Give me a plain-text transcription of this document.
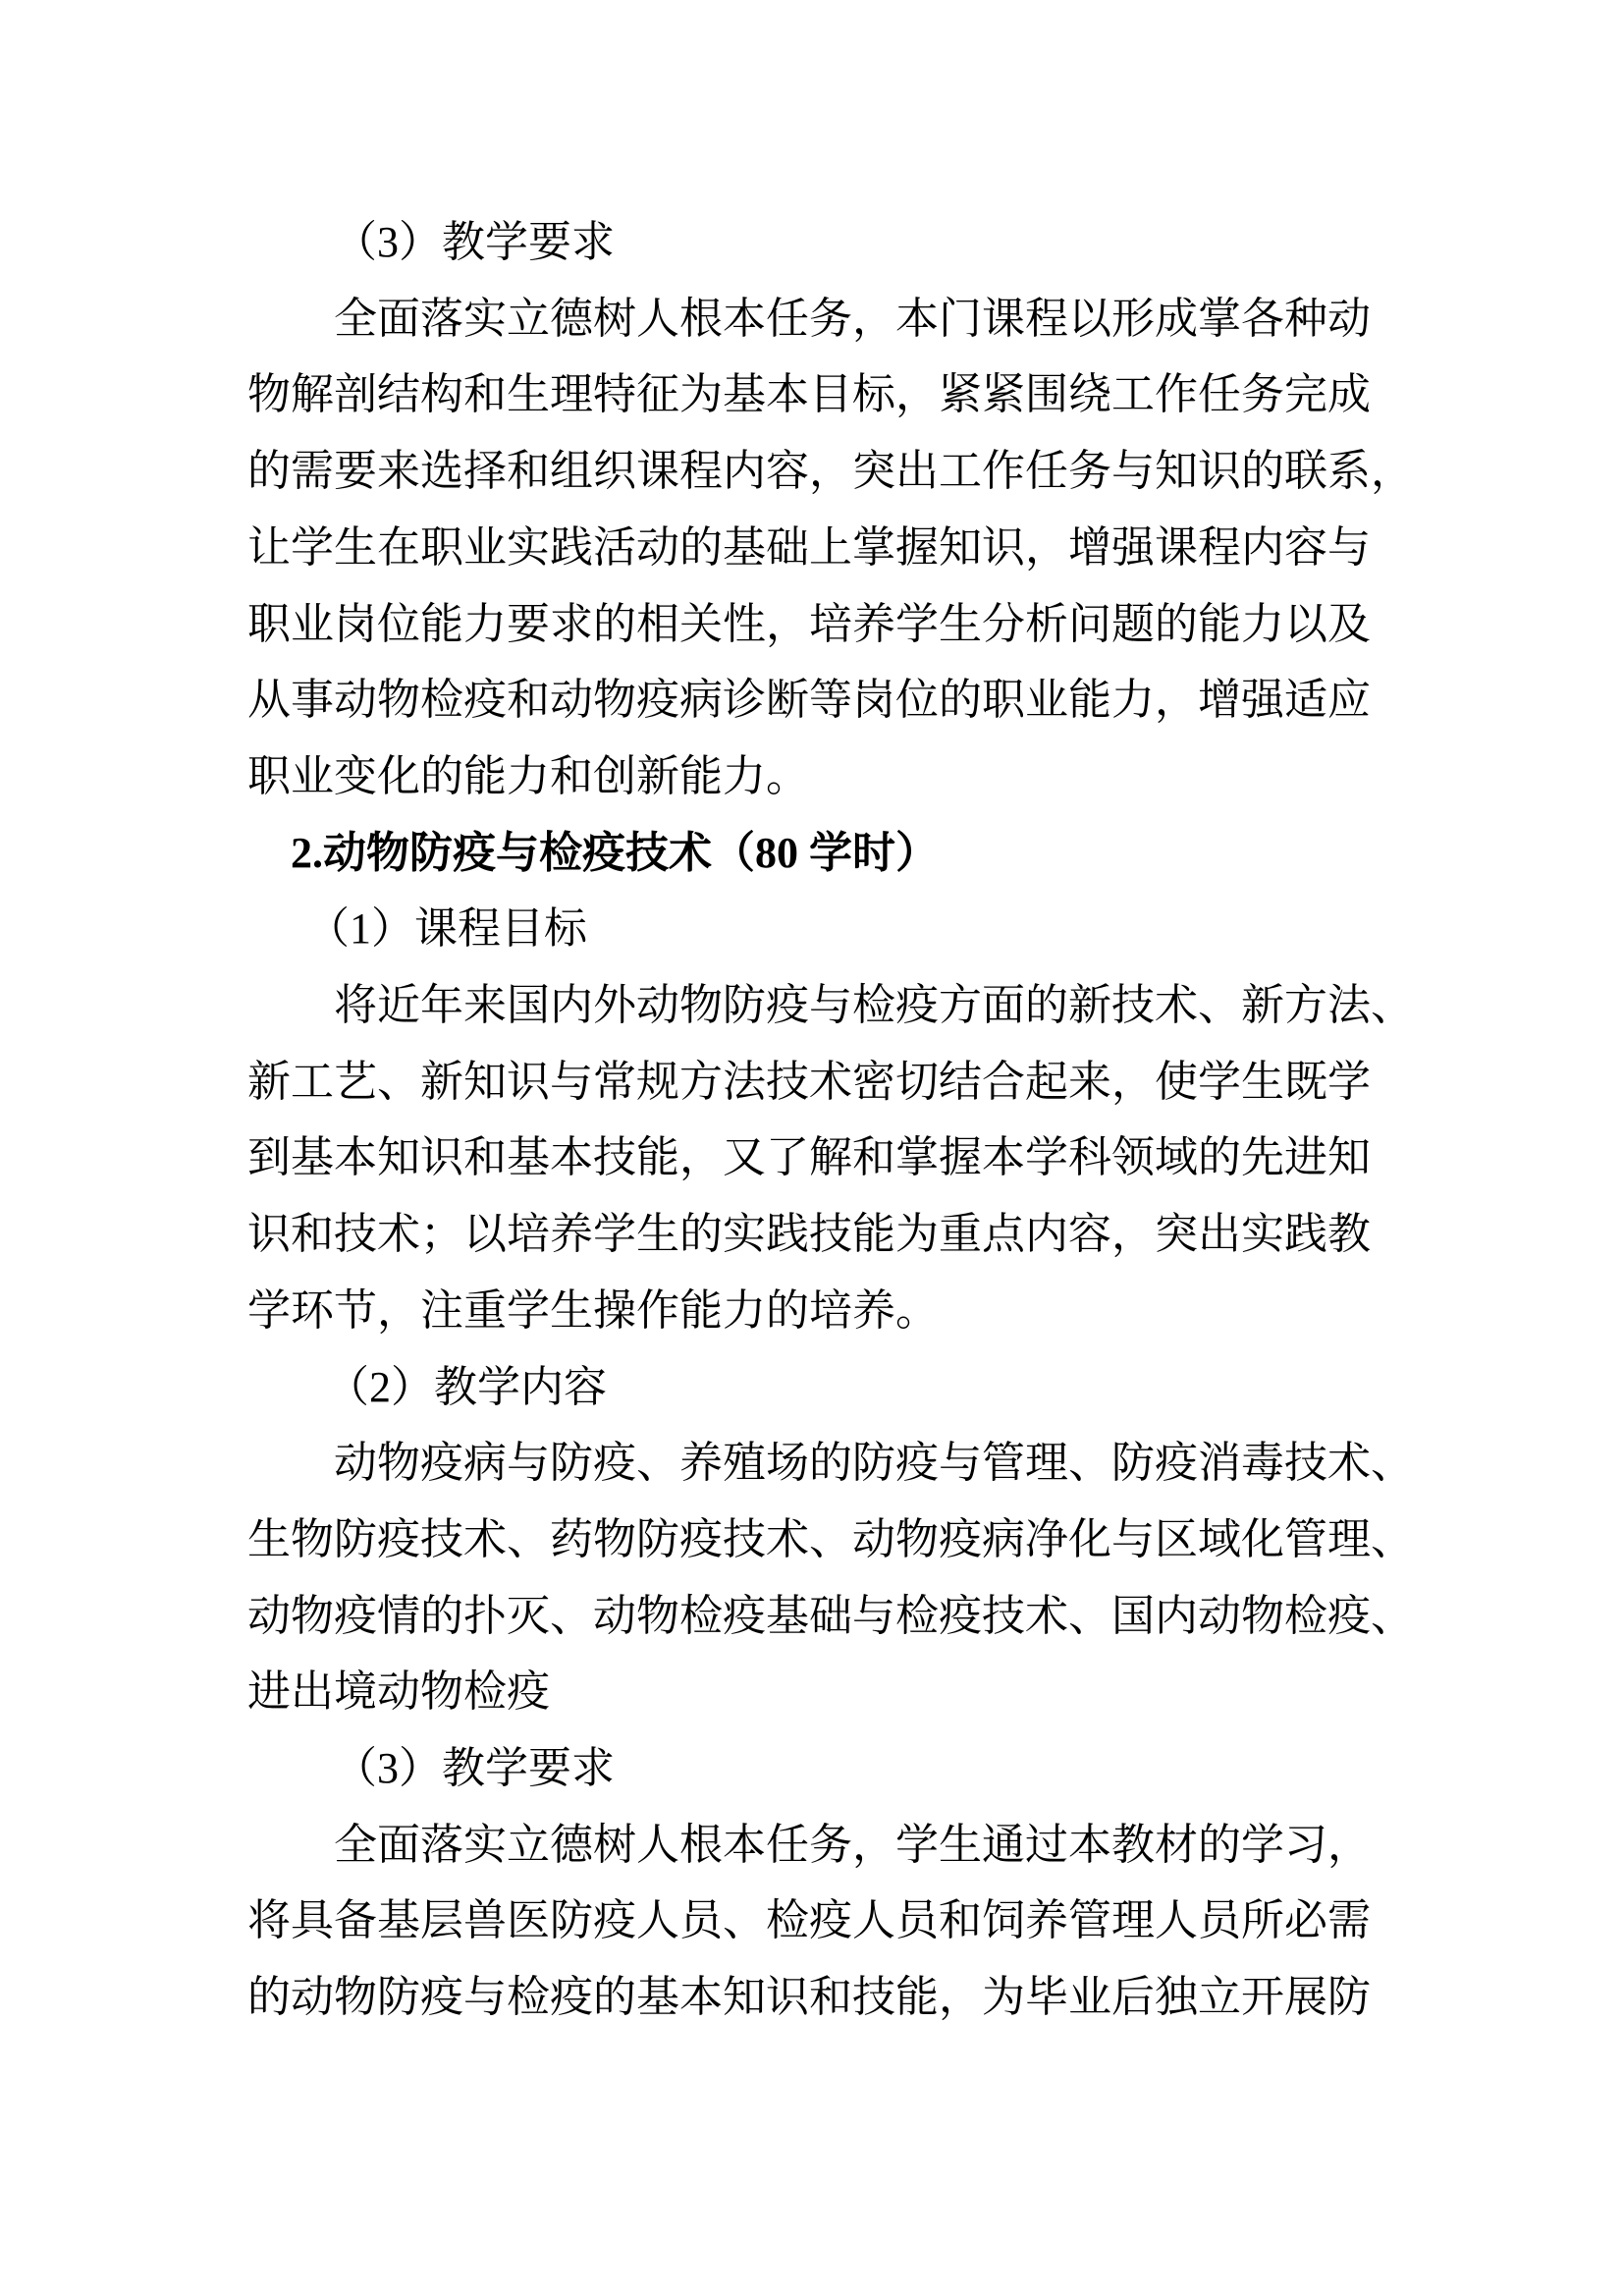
（3）教学要求
全面落实立德树人根本任务，本门课程以形成掌各种动
物解剖结构和生理特征为基本目标，紧紧围绕工作任务完成
的需要来选择和组织课程内容，突出工作任务与知识的联系，
让学生在职业实践活动的基础上掌握知识，增强课程内容与
职业岗位能力要求的相关性，培养学生分析问题的能力以及
从事动物检疫和动物疫病诊断等岗位的职业能力，增强适应
职业变化的能力和创新能力。
2.动物防疫与检疫技术（80 学时）
（1）课程目标
将近年来国内外动物防疫与检疫方面的新技术、新方法、
新工艺、新知识与常规方法技术密切结合起来，使学生既学
到基本知识和基本技能，又了解和掌握本学科领域的先进知
识和技术；以培养学生的实践技能为重点内容，突出实践教
学环节，注重学生操作能力的培养。
（2）教学内容
动物疫病与防疫、养殖场的防疫与管理、防疫消毒技术、
生物防疫技术、药物防疫技术、动物疫病净化与区域化管理、
动物疫情的扑灭、动物检疫基础与检疫技术、国内动物检疫、
进出境动物检疫
（3）教学要求
全面落实立德树人根本任务，学生通过本教材的学习，
将具备基层兽医防疫人员、检疫人员和饲养管理人员所必需
的动物防疫与检疫的基本知识和技能，为毕业后独立开展防
